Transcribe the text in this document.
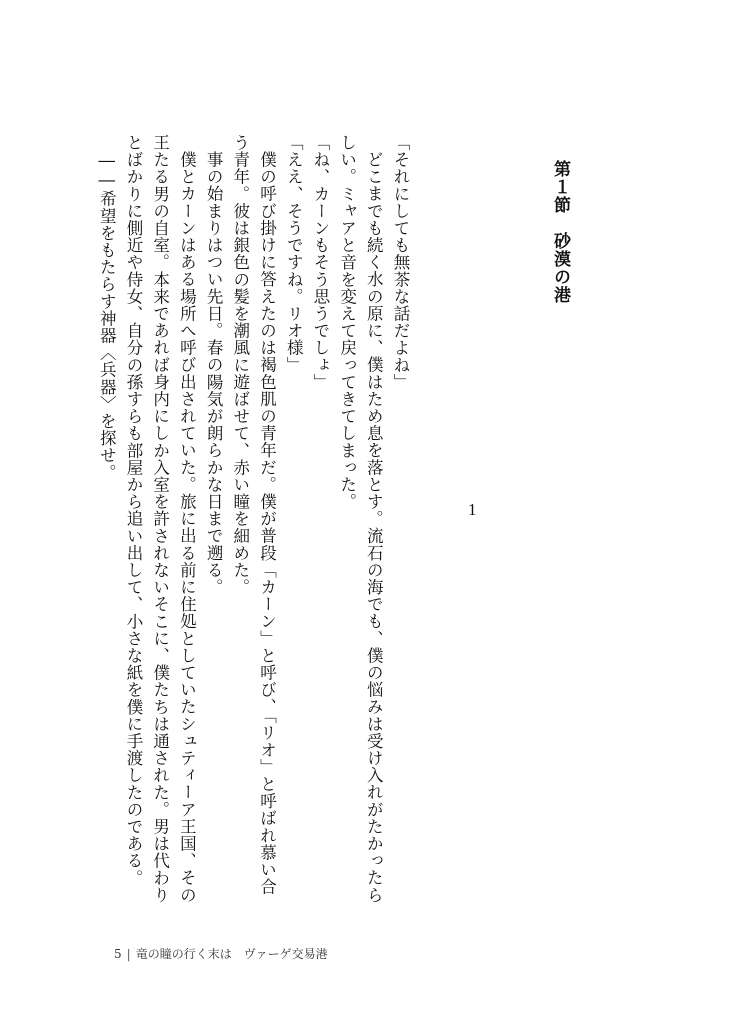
第１節　砂漠の港
1

「それにしても無茶な話だよね」

どこまでも続く水の原に、僕はため息を落とす。流石の海でも、僕の悩みは受け入れがたかったらしい。ミャアと音を変えて戻ってきてしまった。

「ね、カーンもそう思うでしょ」

「ええ、そうですね。リオ様」

僕の呼び掛けに答えたのは褐色肌の青年だ。僕が普段「カーン」と呼び、「リオ」と呼ばれ慕い合う青年。彼は銀色の髪を潮風に遊ばせて、赤い瞳を細めた。

事の始まりはつい先日。春の陽気が朗らかな日まで遡る。

僕とカーンはある場所へ呼び出されていた。旅に出る前に住処としていたシュティーア王国、その王たる男の自室。本来であれば身内にしか入室を許されないそこに、僕たちは通された。男は代わりとばかりに側近や侍女、自分の孫すらも部屋から追い出して、小さな紙を僕に手渡したのである。

――希望をもたらす神器〈兵器〉を探せ。

5 | 竜の瞳の行く末は　ヴァーゲ交易港
